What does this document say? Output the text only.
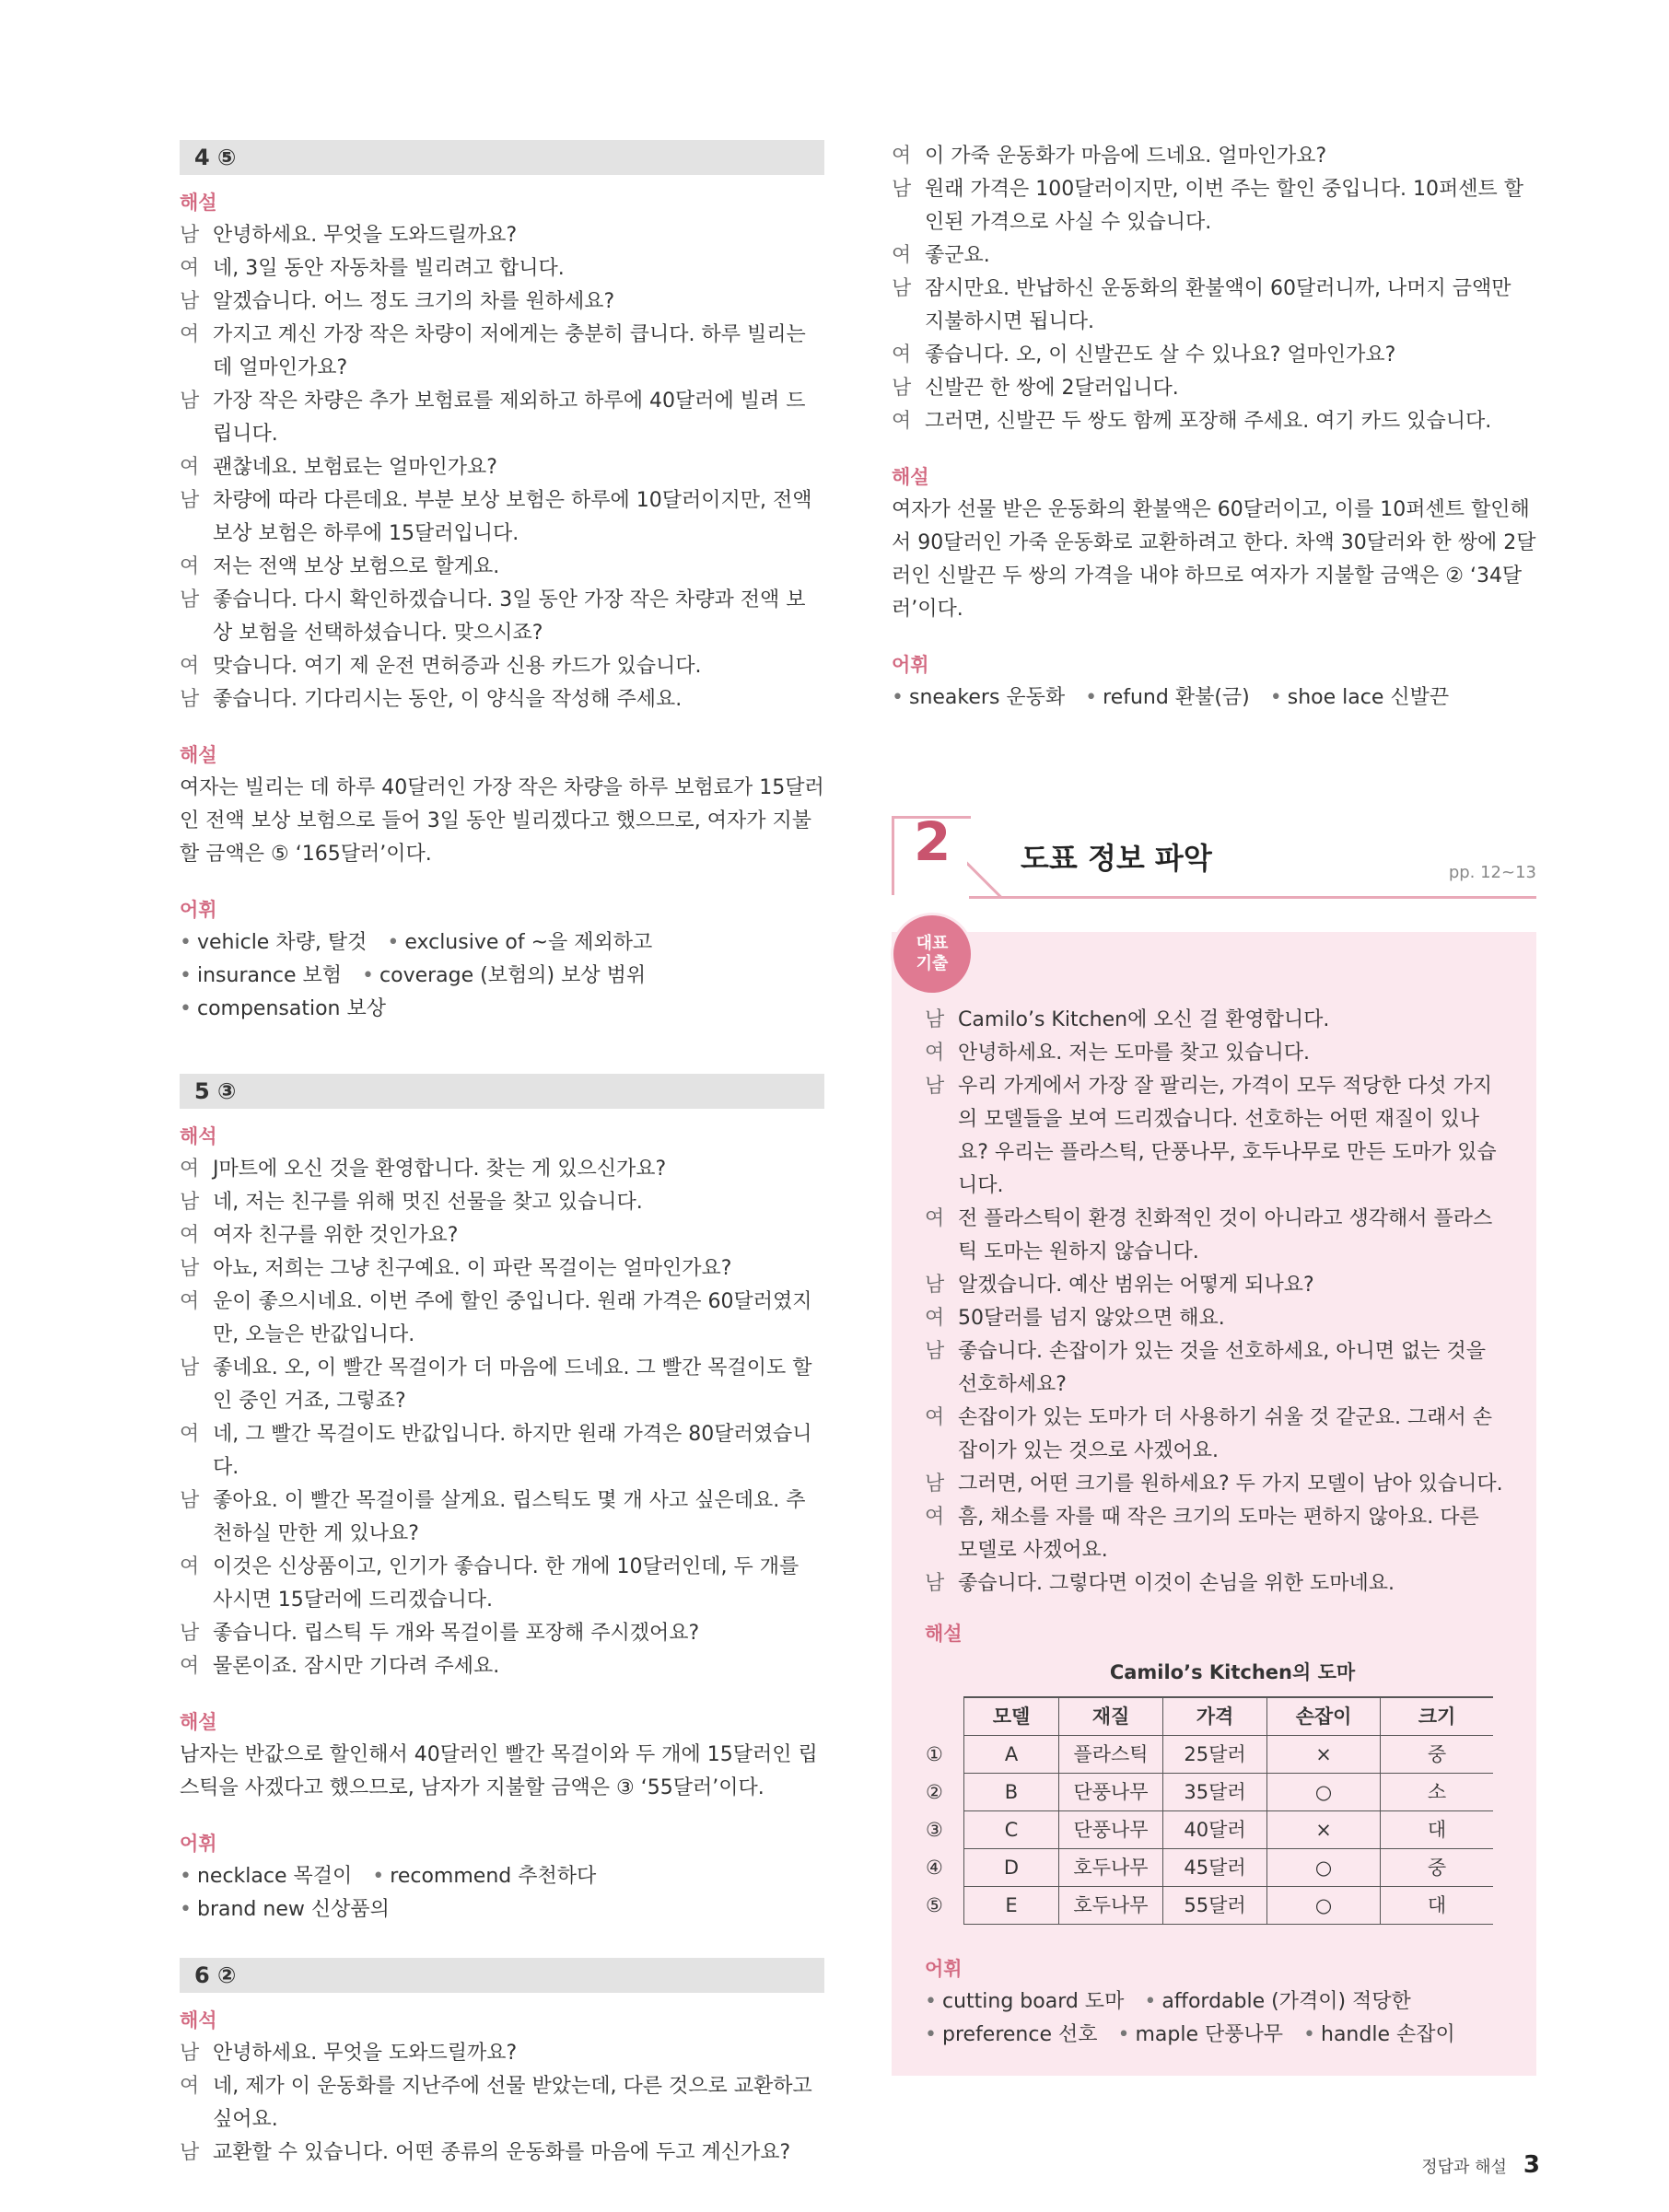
4 ⑤
해설
남 안녕하세요. 무엇을 도와드릴까요?
여 네, 3일 동안 자동차를 빌리려고 합니다.
남 알겠습니다. 어느 정도 크기의 차를 원하세요?
여 가지고 계신 가장 작은 차량이 저에게는 충분히 큽니다. 하루 빌리는 데 얼마인가요?
남 가장 작은 차량은 추가 보험료를 제외하고 하루에 40달러에 빌려 드립니다.
여 괜찮네요. 보험료는 얼마인가요?
남 차량에 따라 다른데요. 부분 보상 보험은 하루에 10달러이지만, 전액 보상 보험은 하루에 15달러입니다.
여 저는 전액 보상 보험으로 할게요.
남 좋습니다. 다시 확인하겠습니다. 3일 동안 가장 작은 차량과 전액 보상 보험을 선택하셨습니다. 맞으시죠?
여 맞습니다. 여기 제 운전 면허증과 신용 카드가 있습니다.
남 좋습니다. 기다리시는 동안, 이 양식을 작성해 주세요.
해설

여자는 빌리는 데 하루 40달러인 가장 작은 차량을 하루 보험료가 15달러인 전액 보상 보험으로 들어 3일 동안 빌리겠다고 했으므로, 여자가 지불할 금액은 ⑤ ‘165달러’이다.

어휘
• vehicle 차량, 탈것	• exclusive of ~을 제외하고
• insurance 보험	• coverage (보험의) 보상 범위
• compensation 보상
5 ③
해석
여 J마트에 오신 것을 환영합니다. 찾는 게 있으신가요?
남 네, 저는 친구를 위해 멋진 선물을 찾고 있습니다.
여 여자 친구를 위한 것인가요?
남 아뇨, 저희는 그냥 친구예요. 이 파란 목걸이는 얼마인가요?
여 운이 좋으시네요. 이번 주에 할인 중입니다. 원래 가격은 60달러였지만, 오늘은 반값입니다.
남 좋네요. 오, 이 빨간 목걸이가 더 마음에 드네요. 그 빨간 목걸이도 할인 중인 거죠, 그렇죠?
여 네, 그 빨간 목걸이도 반값입니다. 하지만 원래 가격은 80달러였습니다.
남 좋아요. 이 빨간 목걸이를 살게요. 립스틱도 몇 개 사고 싶은데요. 추천하실 만한 게 있나요?
여 이것은 신상품이고, 인기가 좋습니다. 한 개에 10달러인데, 두 개를 사시면 15달러에 드리겠습니다.
남 좋습니다. 립스틱 두 개와 목걸이를 포장해 주시겠어요?
여 물론이죠. 잠시만 기다려 주세요.
해설

남자는 반값으로 할인해서 40달러인 빨간 목걸이와 두 개에 15달러인 립스틱을 사겠다고 했으므로, 남자가 지불할 금액은 ③ ‘55달러’이다.

어휘
• necklace 목걸이	• recommend 추천하다
• brand new 신상품의
6 ②
해석
남 안녕하세요. 무엇을 도와드릴까요?
여 네, 제가 이 운동화를 지난주에 선물 받았는데, 다른 것으로 교환하고 싶어요.
남 교환할 수 있습니다. 어떤 종류의 운동화를 마음에 두고 계신가요?
여 이 가죽 운동화가 마음에 드네요. 얼마인가요?
남 원래 가격은 100달러이지만, 이번 주는 할인 중입니다. 10퍼센트 할인된 가격으로 사실 수 있습니다.
여 좋군요.
남 잠시만요. 반납하신 운동화의 환불액이 60달러니까, 나머지 금액만 지불하시면 됩니다.
여 좋습니다. 오, 이 신발끈도 살 수 있나요? 얼마인가요?
남 신발끈 한 쌍에 2달러입니다.
여 그러면, 신발끈 두 쌍도 함께 포장해 주세요. 여기 카드 있습니다.
해설

여자가 선물 받은 운동화의 환불액은 60달러이고, 이를 10퍼센트 할인해서 90달러인 가죽 운동화로 교환하려고 한다. 차액 30달러와 한 쌍에 2달러인 신발끈 두 쌍의 가격을 내야 하므로 여자가 지불할 금액은 ② ‘34달러’이다.

어휘
• sneakers 운동화	• refund 환불(금)	• shoe lace 신발끈
2 도표 정보 파악	pp. 12~13
대표
기출
남 Camilo’s Kitchen에 오신 걸 환영합니다.
여 안녕하세요. 저는 도마를 찾고 있습니다.
남 우리 가게에서 가장 잘 팔리는, 가격이 모두 적당한 다섯 가지의 모델들을 보여 드리겠습니다. 선호하는 어떤 재질이 있나요? 우리는 플라스틱, 단풍나무, 호두나무로 만든 도마가 있습니다.
여 전 플라스틱이 환경 친화적인 것이 아니라고 생각해서 플라스틱 도마는 원하지 않습니다.
남 알겠습니다. 예산 범위는 어떻게 되나요?
여 50달러를 넘지 않았으면 해요.
남 좋습니다. 손잡이가 있는 것을 선호하세요, 아니면 없는 것을 선호하세요?
여 손잡이가 있는 도마가 더 사용하기 쉬울 것 같군요. 그래서 손잡이가 있는 것으로 사겠어요.
남 그러면, 어떤 크기를 원하세요? 두 가지 모델이 남아 있습니다.
여 흠, 채소를 자를 때 작은 크기의 도마는 편하지 않아요. 다른 모델로 사겠어요.
남 좋습니다. 그렇다면 이것이 손님을 위한 도마네요.
해설
Camilo’s Kitchen의 도마
	모델	재질	가격	손잡이	크기
①	A	플라스틱	25달러	×	중
②	B	단풍나무	35달러	○	소
③	C	단풍나무	40달러	×	대
④	D	호두나무	45달러	○	중
⑤	E	호두나무	55달러	○	대
어휘
• cutting board 도마	• affordable (가격이) 적당한
• preference 선호	• maple 단풍나무	• handle 손잡이
정답과 해설 3
